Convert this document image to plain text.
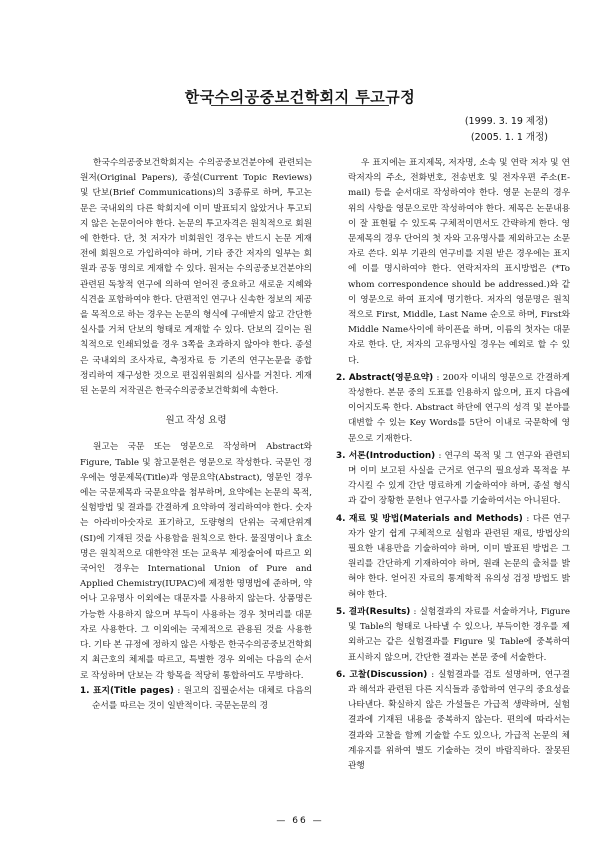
한국수의공중보건학회지 투고규정
(1999. 3. 19 제정)
(2005. 1. 1 개정)

한국수의공중보건학회지는 수의공중보건분야에 관련되는 원저(Original Papers), 종설(Current Topic Reviews) 및 단보(Brief Communications)의 3종류로 하며, 투고논문은 국내외의 다른 학회지에 이미 발표되지 않았거나 투고되지 않은 논문이어야 한다. 논문의 투고자격은 원칙적으로 회원에 한한다. 단, 첫 저자가 비회원인 경우는 반드시 논문 게재 전에 회원으로 가입하여야 하며, 기타 중간 저자의 일부는 회원과 공동 명의로 게재할 수 있다. 원저는 수의공중보건분야의 관련된 독창적 연구에 의하여 얻어진 중요하고 새로운 지혜와 식견을 포함하여야 한다. 단편적인 연구나 신속한 정보의 제공을 목적으로 하는 경우는 논문의 형식에 구애받지 않고 간단한 실사를 거쳐 단보의 형태로 게재할 수 있다. 단보의 길이는 원칙적으로 인쇄되었을 경우 3쪽을 초과하지 않아야 한다. 종설은 국내외의 조사자료, 측정자료 등 기존의 연구논문을 종합 정리하여 재구성한 것으로 편집위원회의 심사를 거친다. 게재된 논문의 저작권은 한국수의공중보건학회에 속한다.

원고 작성 요령

원고는 국문 또는 영문으로 작성하며 Abstract와 Figure, Table 및 참고문헌은 영문으로 작성한다. 국문인 경우에는 영문제목(Title)과 영문요약(Abstract), 영문인 경우에는 국문제목과 국문요약을 첨부하며, 요약에는 논문의 목적, 실험방법 및 결과를 간결하게 요약하여 정리하여야 한다. 숫자는 아라비아숫자로 표기하고, 도량형의 단위는 국제단위계(SI)에 기재된 것을 사용함을 원칙으로 한다. 물질명이나 효소명은 원칙적으로 대한약전 또는 교육부 제정술어에 따르고 외국어인 경우는 International Union of Pure and Applied Chemistry(IUPAC)에 제정한 명명법에 준하며, 약어나 고유명사 이외에는 대문자를 사용하지 않는다. 상품명은 가능한 사용하지 않으며 부득이 사용하는 경우 첫머리를 대문자로 사용한다. 그 이외에는 국제적으로 관용된 것을 사용한다. 기타 본 규정에 정하지 않은 사항은 한국수의공중보건학회지 최근호의 체제를 따르고, 특별한 경우 외에는 다음의 순서로 작성하며 단보는 각 항목을 적당히 통합하여도 무방하다.

1. 표지(Title pages) : 원고의 집필순서는 대체로 다음의 순서를 따르는 것이 일반적이다. 국문논문의 경

우 표지에는 표지제목, 저자명, 소속 및 연락 저자 및 연락저자의 주소, 전화번호, 전송번호 및 전자우편 주소(E-mail) 등을 순서대로 작성하여야 한다. 영문 논문의 경우 위의 사항을 영문으로만 작성하여야 한다. 제목은 논문내용이 잘 표현될 수 있도록 구체적이면서도 간략하게 한다. 영문제목의 경우 단어의 첫 자와 고유명사를 제외하고는 소문자로 쓴다. 외부 기관의 연구비를 지원 받은 경우에는 표지에 이를 명시하여야 한다. 연락저자의 표시방법은 (*To whom correspondence should be addressed.)와 같이 영문으로 하여 표지에 명기한다. 저자의 영문명은 원칙적으로 First, Middle, Last Name 순으로 하며, First와 Middle Name사이에 하이픈을 하며, 이름의 첫자는 대문자로 한다. 단, 저자의 고유명사일 경우는 예외로 할 수 있다.

2. Abstract(영문요약) : 200자 이내의 영문으로 간결하게 작성한다. 본문 중의 도표를 인용하지 않으며, 표지 다음에 이어지도록 한다. Abstract 하단에 연구의 성격 및 분야를 대변할 수 있는 Key Words를 5단어 이내로 국문학에 영문으로 기재한다.
3. 서론(Introduction) : 연구의 목적 및 그 연구와 관련되며 이미 보고된 사실을 근거로 연구의 필요성과 목적을 부각시킬 수 있게 간단 명료하게 기술하여야 하며, 종설 형식과 같이 장황한 문헌나 연구사를 기술하여서는 아니된다.
4. 재료 및 방법(Materials and Methods) : 다른 연구자가 알기 쉽게 구체적으로 실험과 관련된 재료, 방법상의 필요한 내용만을 기술하여야 하며, 이미 발표된 방법은 그 원리를 간단하게 기재하여야 하며, 원래 논문의 출처를 밝혀야 한다. 얻어진 자료의 통계학적 유의성 검정 방법도 밝혀야 한다.
5. 결과(Results) : 실험결과의 자료를 서술하거나, Figure 및 Table의 형태로 나타낼 수 있으나, 부득이한 경우를 제외하고는 같은 실험결과를 Figure 및 Table에 중복하여 표시하지 않으며, 간단한 결과는 본문 중에 서술한다.
6. 고찰(Discussion) : 실험결과를 검토 설명하며, 연구결과 해석과 관련된 다른 지식들과 종합하여 연구의 중요성을 나타낸다. 확실하지 않은 가설들은 가급적 생략하며, 실험결과에 기재된 내용을 중복하지 않는다. 편의에 따라서는 결과와 고찰을 함께 기술할 수도 있으나, 가급적 논문의 체계유지를 위하여 별도 기술하는 것이 바람직하다. 잘못된 관행
— 66 —
